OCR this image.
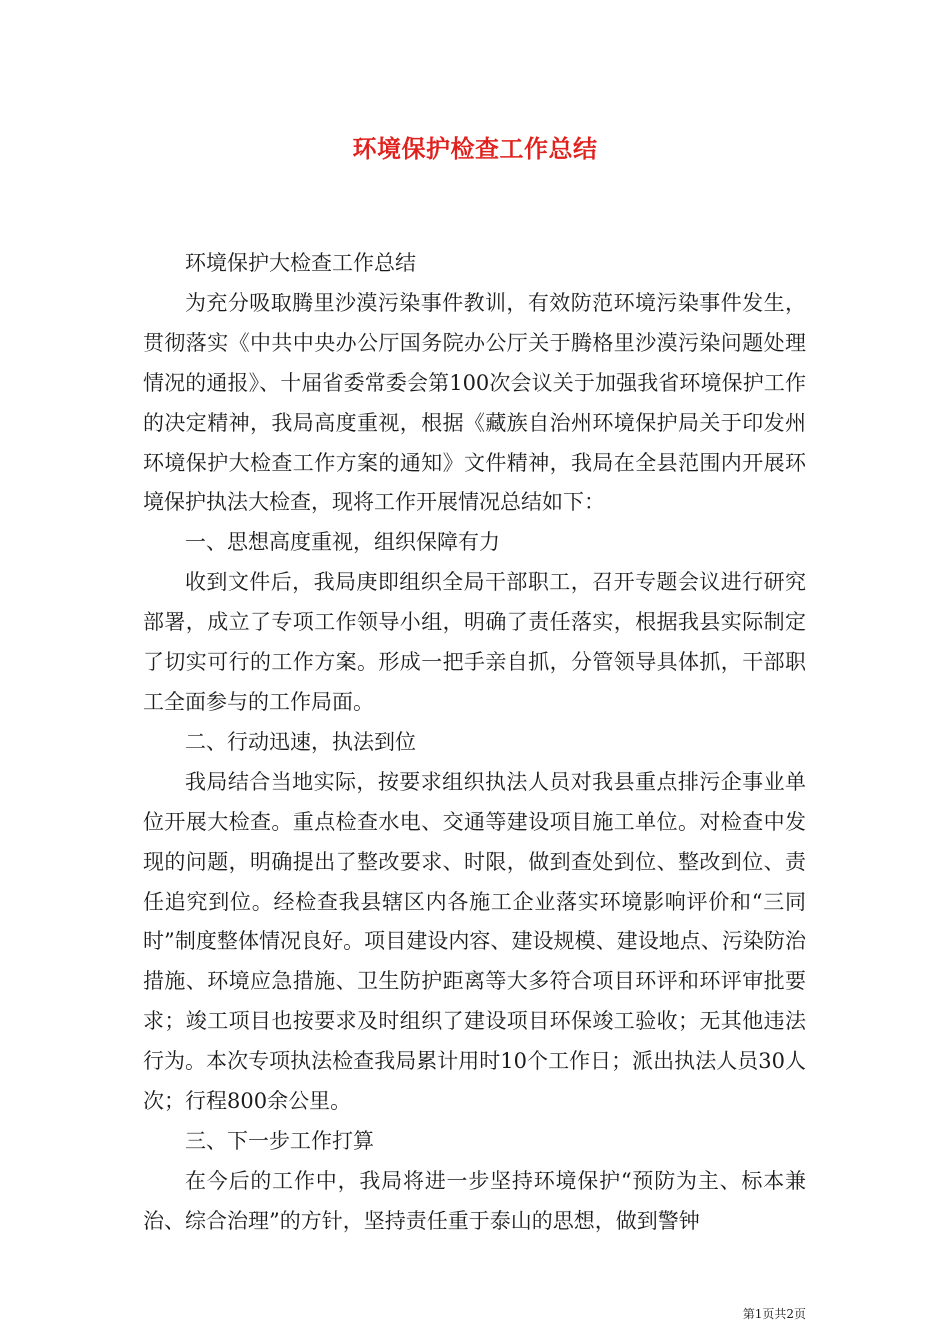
环境保护检查工作总结

环境保护大检查工作总结

为充分吸取腾里沙漠污染事件教训，有效防范环境污染事件发生，贯彻落实《中共中央办公厅国务院办公厅关于腾格里沙漠污染问题处理情况的通报》、十届省委常委会第100次会议关于加强我省环境保护工作的决定精神，我局高度重视，根据《藏族自治州环境保护局关于印发州环境保护大检查工作方案的通知》文件精神，我局在全县范围内开展环境保护执法大检查，现将工作开展情况总结如下：

一、思想高度重视，组织保障有力

收到文件后，我局庚即组织全局干部职工，召开专题会议进行研究部署，成立了专项工作领导小组，明确了责任落实，根据我县实际制定了切实可行的工作方案。形成一把手亲自抓，分管领导具体抓，干部职工全面参与的工作局面。

二、行动迅速，执法到位

我局结合当地实际，按要求组织执法人员对我县重点排污企事业单位开展大检查。重点检查水电、交通等建设项目施工单位。对检查中发现的问题，明确提出了整改要求、时限，做到查处到位、整改到位、责任追究到位。经检查我县辖区内各施工企业落实环境影响评价和“三同时”制度整体情况良好。项目建设内容、建设规模、建设地点、污染防治措施、环境应急措施、卫生防护距离等大多符合项目环评和环评审批要求；竣工项目也按要求及时组织了建设项目环保竣工验收；无其他违法行为。本次专项执法检查我局累计用时10个工作日；派出执法人员30人次；行程800余公里。

三、下一步工作打算

在今后的工作中，我局将进一步坚持环境保护“预防为主、标本兼治、综合治理”的方针，坚持责任重于泰山的思想，做到警钟

第1页共2页
